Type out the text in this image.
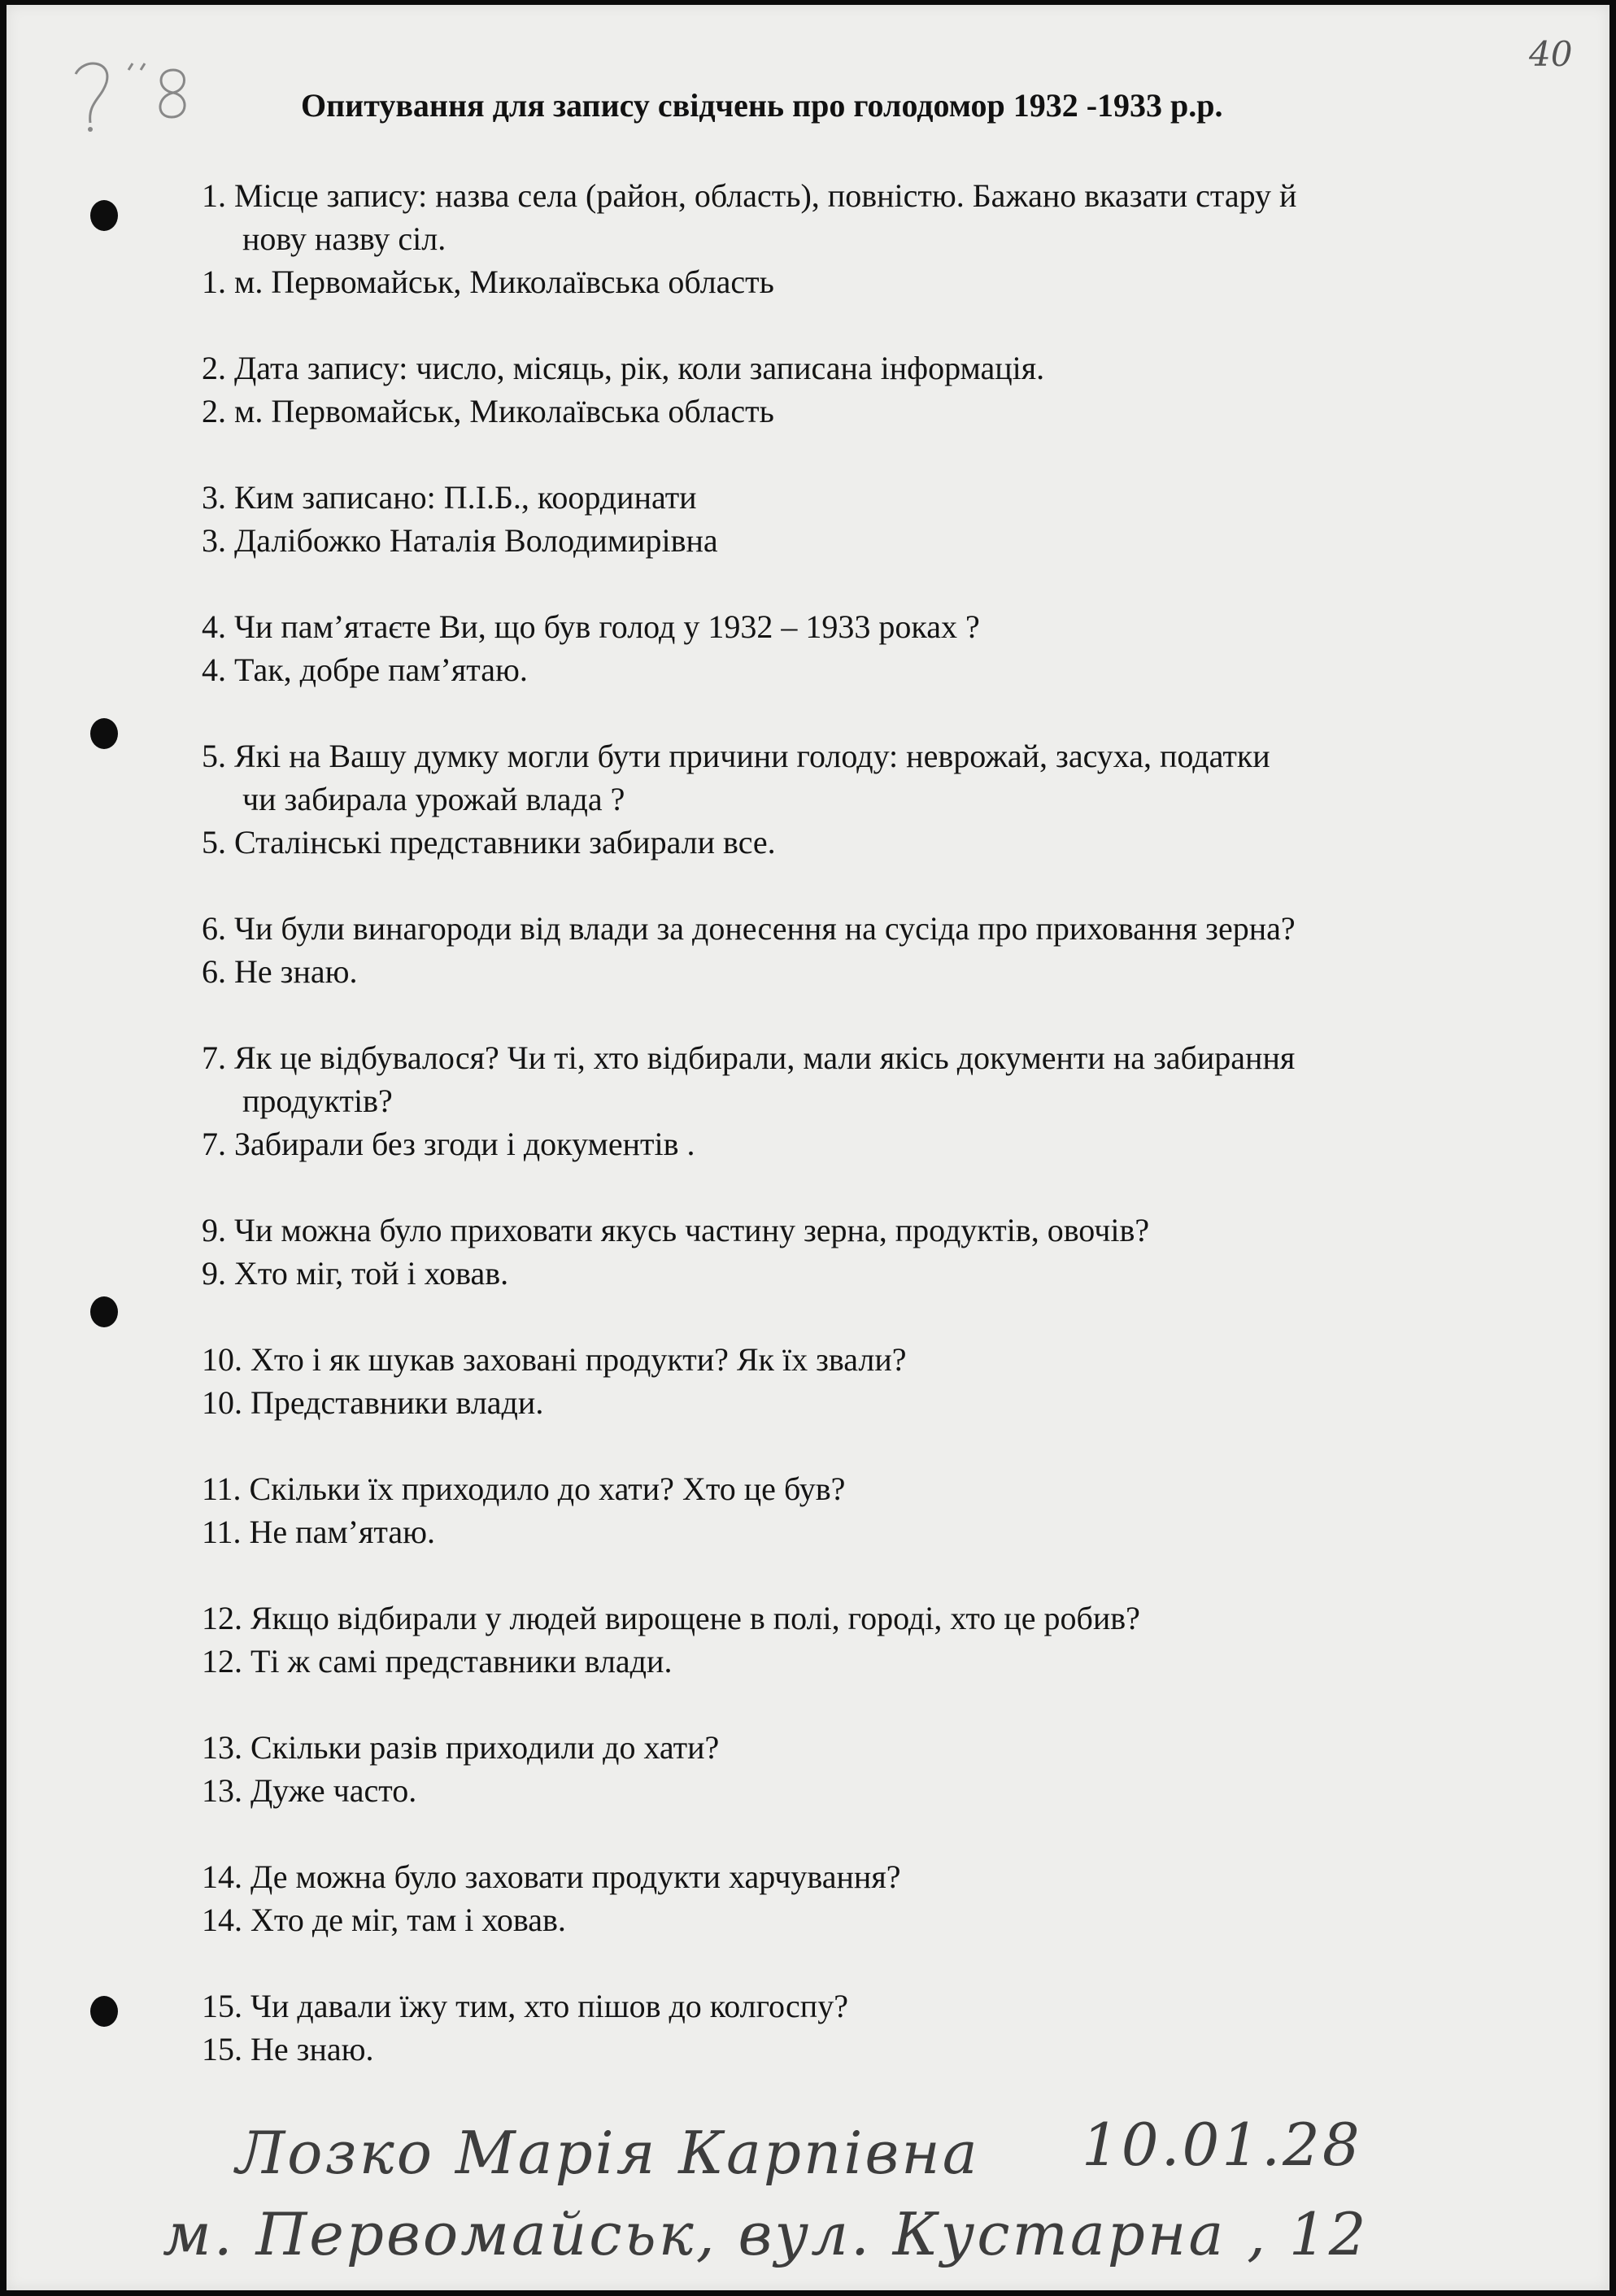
40
Опитування для запису свідчень про голодомор 1932 -1933 р.р.
1. Місце запису: назва села (район, область), повністю. Бажано вказати стару й
нову назву сіл.
1. м. Первомайськ, Миколаївська область
2. Дата запису: число, місяць, рік, коли записана інформація.
2. м. Первомайськ, Миколаївська область
3. Ким записано: П.І.Б., координати
3. Далібожко Наталія Володимирівна
4. Чи пам’ятаєте Ви, що був голод у 1932 – 1933 роках ?
4. Так, добре пам’ятаю.
5. Які на Вашу думку могли бути причини голоду: неврожай, засуха, податки
чи забирала урожай влада ?
5. Сталінські представники забирали все.
6. Чи були винагороди від влади за донесення на сусіда про приховання зерна?
6. Не знаю.
7. Як це відбувалося? Чи ті, хто відбирали, мали якісь документи на забирання
продуктів?
7. Забирали без згоди і документів .
9. Чи можна було приховати якусь частину зерна, продуктів, овочів?
9. Хто міг, той і ховав.
10. Хто і як шукав заховані продукти? Як їх звали?
10. Представники влади.
11. Скільки їх приходило до хати? Хто це був?
11. Не пам’ятаю.
12. Якщо відбирали у людей вирощене в полі, городі, хто це робив?
12. Ті ж самі представники влади.
13. Скільки разів приходили до хати?
13. Дуже часто.
14. Де можна було заховати продукти харчування?
14. Хто де міг, там і ховав.
15. Чи давали їжу тим, хто пішов до колгоспу?
15. Не знаю.
Лозко Марія Карпівна 10.01.28
м. Первомайськ, вул. Кустарна , 12
